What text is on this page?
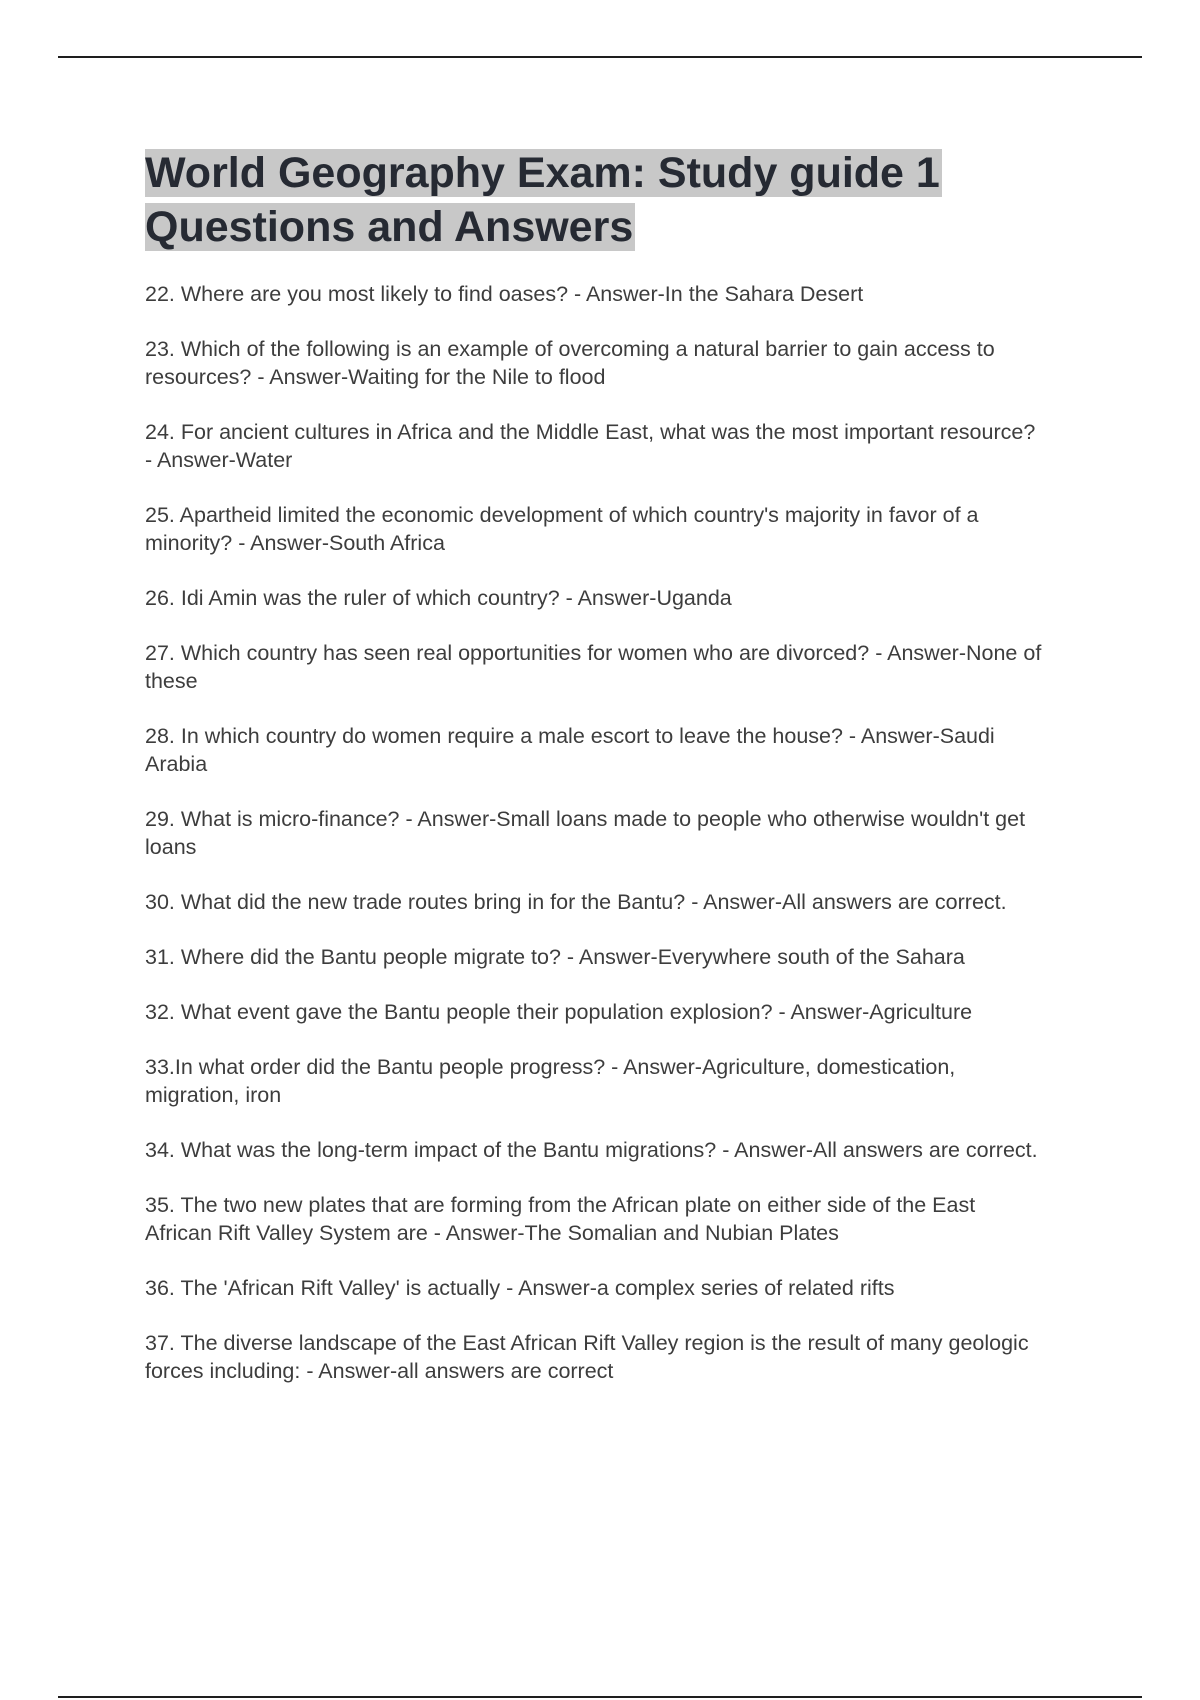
World Geography Exam: Study guide 1 Questions and Answers
22. Where are you most likely to find oases? - Answer-In the Sahara Desert
23. Which of the following is an example of overcoming a natural barrier to gain access to resources? - Answer-Waiting for the Nile to flood
24. For ancient cultures in Africa and the Middle East, what was the most important resource? - Answer-Water
25. Apartheid limited the economic development of which country's majority in favor of a minority? - Answer-South Africa
26. Idi Amin was the ruler of which country? - Answer-Uganda
27. Which country has seen real opportunities for women who are divorced? - Answer-None of these
28. In which country do women require a male escort to leave the house? - Answer-Saudi Arabia
29. What is micro-finance? - Answer-Small loans made to people who otherwise wouldn't get loans
30. What did the new trade routes bring in for the Bantu? - Answer-All answers are correct.
31. Where did the Bantu people migrate to? - Answer-Everywhere south of the Sahara
32. What event gave the Bantu people their population explosion? - Answer-Agriculture
33.In what order did the Bantu people progress? - Answer-Agriculture, domestication, migration, iron
34. What was the long-term impact of the Bantu migrations? - Answer-All answers are correct.
35. The two new plates that are forming from the African plate on either side of the East African Rift Valley System are - Answer-The Somalian and Nubian Plates
36. The 'African Rift Valley' is actually - Answer-a complex series of related rifts
37. The diverse landscape of the East African Rift Valley region is the result of many geologic forces including: - Answer-all answers are correct
